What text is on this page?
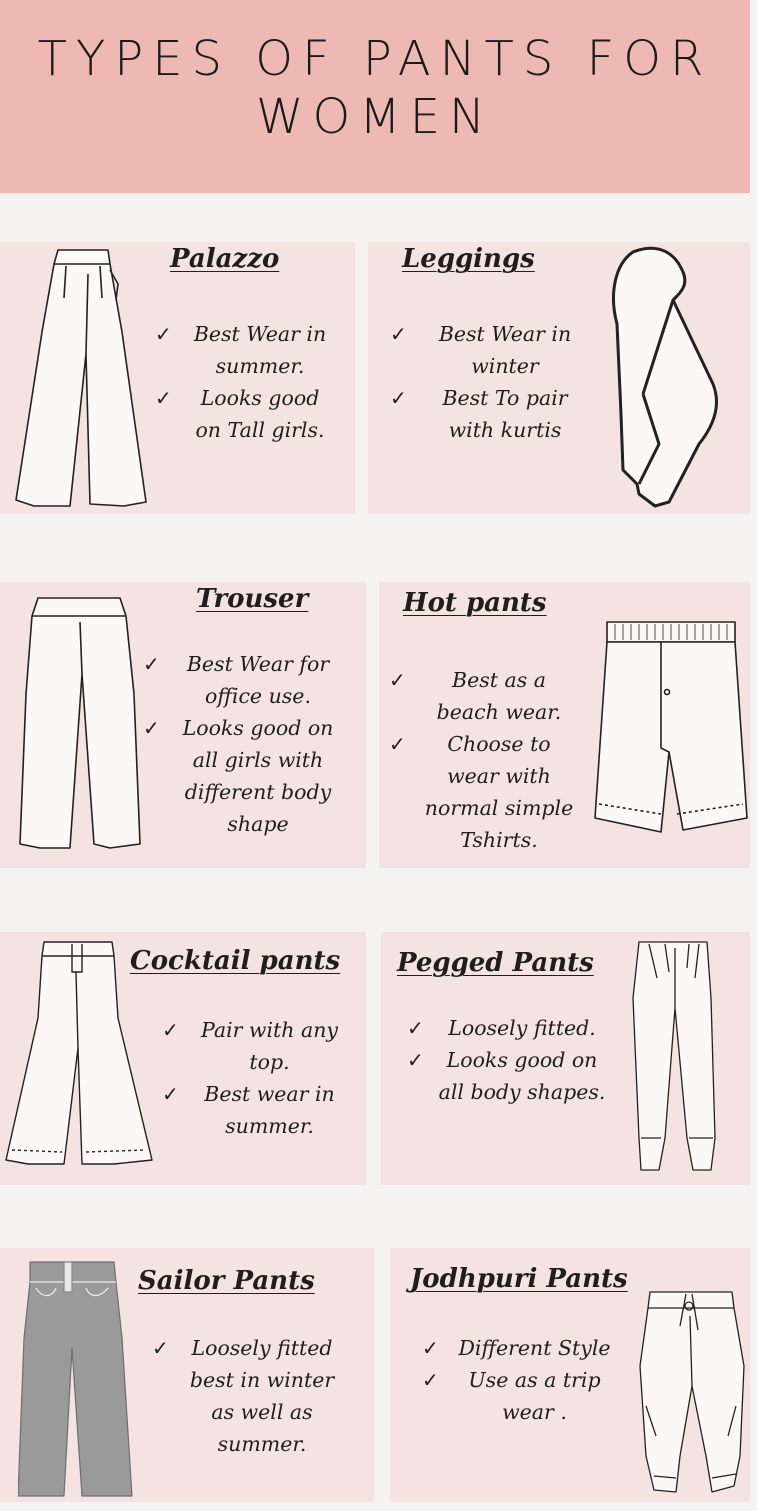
TYPES OF PANTS FOR
WOMEN
Palazzo
✓ Best Wear in summer.
✓ Looks good on Tall girls.
Leggings
✓ Best Wear in winter
✓ Best To pair with kurtis
Trouser
✓ Best Wear for office use.
✓ Looks good on all girls with different body shape
Hot pants
✓ Best as a beach wear.
✓ Choose to wear with normal simple Tshirts.
Cocktail pants
✓ Pair with any top.
✓ Best wear in summer.
Pegged Pants
✓ Loosely fitted.
✓ Looks good on all body shapes.
Sailor Pants
✓ Loosely fitted best in winter as well as summer.
Jodhpuri Pants
✓ Different Style
✓ Use as a trip wear .
